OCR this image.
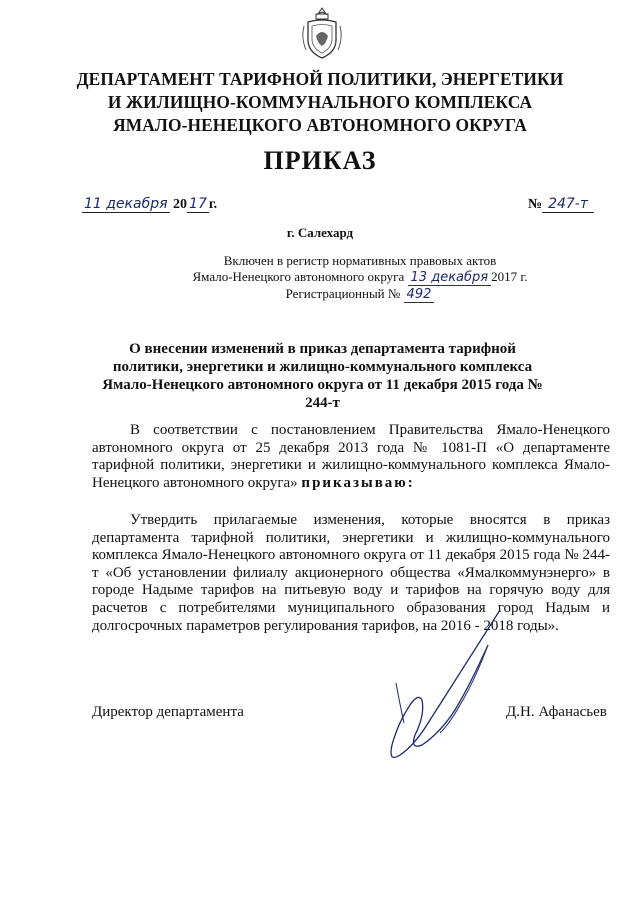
ДЕПАРТАМЕНТ ТАРИФНОЙ ПОЛИТИКИ, ЭНЕРГЕТИКИ
И ЖИЛИЩНО-КОММУНАЛЬНОГО КОМПЛЕКСА
ЯМАЛО-НЕНЕЦКОГО АВТОНОМНОГО ОКРУГА
ПРИКАЗ
11 декабря 20 17 г.	№ 247-т
г. Салехард
Включен в регистр нормативных правовых актов
Ямало-Ненецкого автономного округа 13 декабря 2017 г.
Регистрационный № 492
О внесении изменений в приказ департамента тарифной политики, энергетики и жилищно-коммунального комплекса Ямало-Ненецкого автономного округа от 11 декабря 2015 года № 244-т
В соответствии с постановлением Правительства Ямало-Ненецкого автономного округа от 25 декабря 2013 года № 1081-П «О департаменте тарифной политики, энергетики и жилищно-коммунального комплекса Ямало-Ненецкого автономного округа» приказываю:
Утвердить прилагаемые изменения, которые вносятся в приказ департамента тарифной политики, энергетики и жилищно-коммунального комплекса Ямало-Ненецкого автономного округа от 11 декабря 2015 года № 244-т «Об установлении филиалу акционерного общества «Ямалкоммунэнерго» в городе Надыме тарифов на питьевую воду и тарифов на горячую воду для расчетов с потребителями муниципального образования город Надым и долгосрочных параметров регулирования тарифов, на 2016 - 2018 годы».
Директор департамента	Д.Н. Афанасьев
